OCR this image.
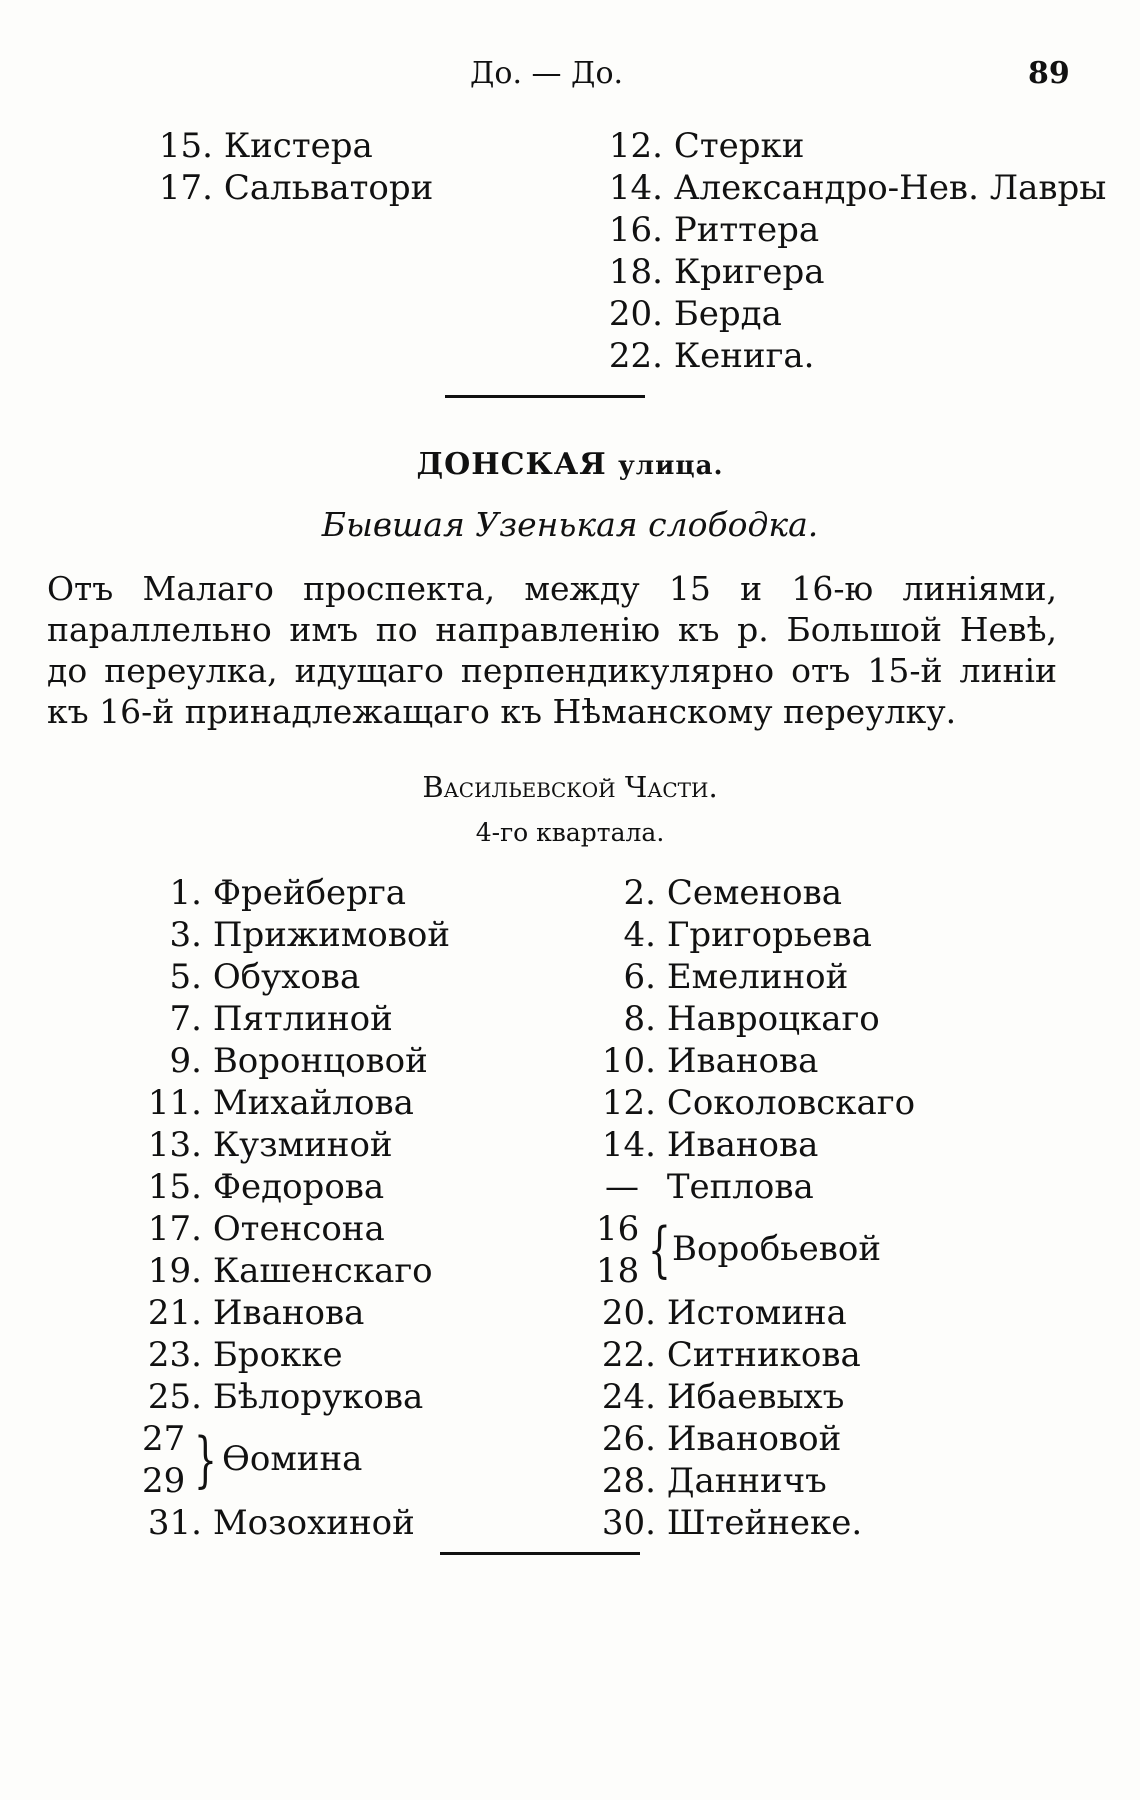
До. — До.	89
15. Кистера
17. Сальватори
12. Стерки
14. Александро-Нев. Лавры
16. Риттера
18. Кригера
20. Берда
22. Кенига.
ДОНСКАЯ улица.
Бывшая Узенькая слободка.
Отъ Малаго проспекта, между 15 и 16-ю линіями, параллельно имъ по направленію къ р. Большой Невѣ, до переулка, идущаго перпендикулярно отъ 15-й линіи къ 16-й принадлежащаго къ Нѣманскому переулку.
Васильевской Части.
4-го квартала.
1. Фрейберга
3. Прижимовой
5. Обухова
7. Пятлиной
9. Воронцовой
11. Михайлова
13. Кузминой
15. Федорова
17. Отенсона
19. Кашенскаго
21. Иванова
23. Брокке
25. Бѣлорукова
27
29 } Ѳомина
31. Мозохиной
2. Семенова
4. Григорьева
6. Емелиной
8. Навроцкаго
10. Иванова
12. Соколовскаго
14. Иванова
— Теплова
16
18 { Воробьевой
20. Истомина
22. Ситникова
24. Ибаевыхъ
26. Ивановой
28. Данничъ
30. Штейнеке.
